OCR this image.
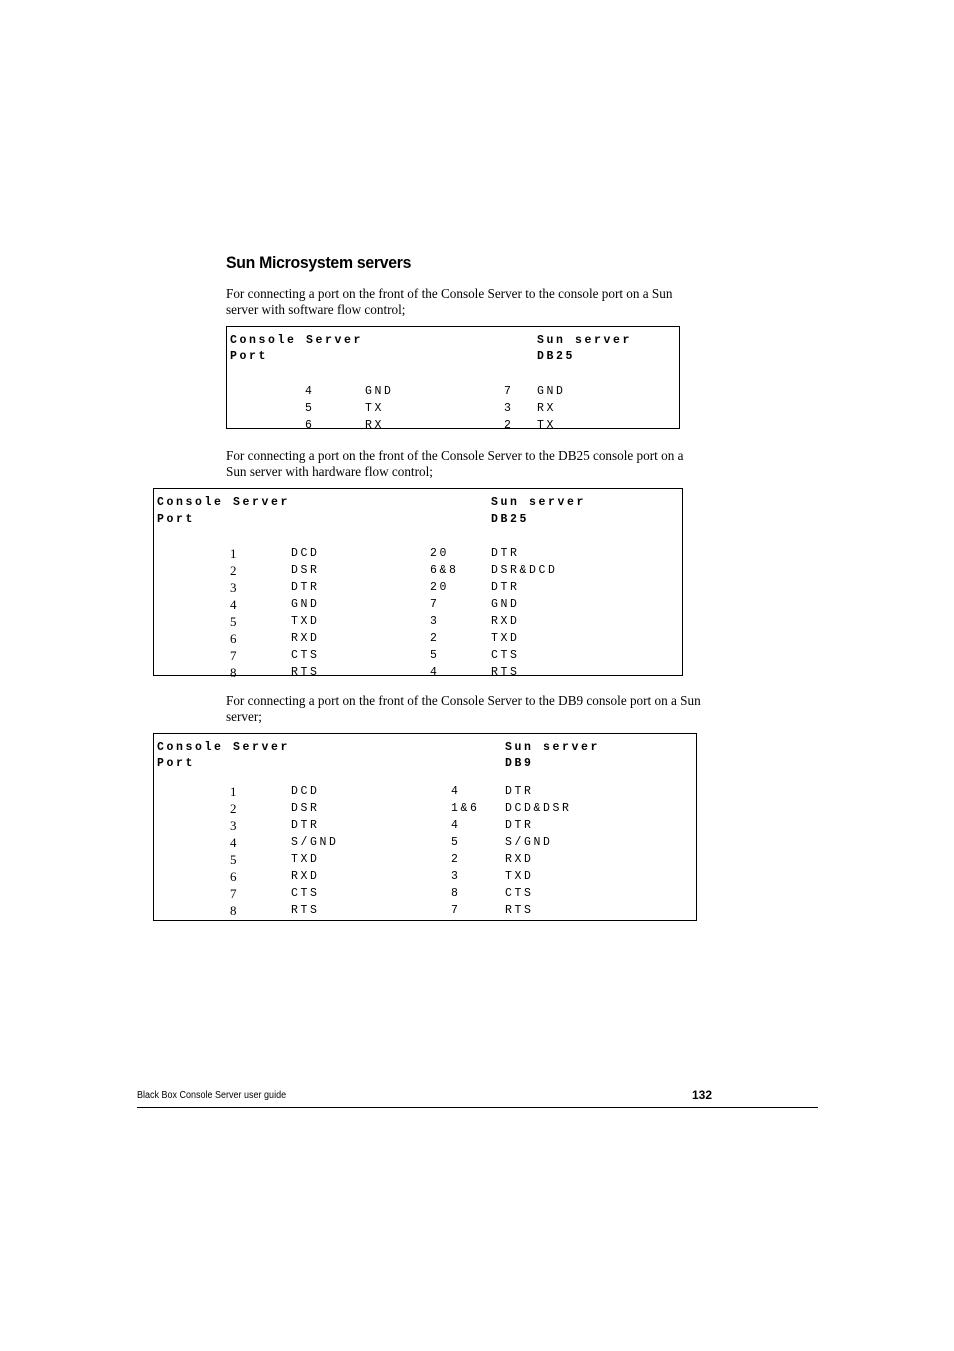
Sun Microsystem servers
For connecting a port on the front of the Console Server to the console port on a Sun server with software flow control;
Console Server
Port
Sun server
DB25
4	GND	7 GND
5	TX	3 RX
6	RX	2 TX
For connecting a port on the front of the Console Server to the DB25 console port on a Sun server with hardware flow control;
Console Server
Port
Sun server
DB25
1	DCD	20	DTR
2	DSR	6&8	DSR&DCD
3	DTR	20	DTR
4	GND	7	GND
5	TXD	3	RXD
6	RXD	2	TXD
7	CTS	5	CTS
8	RTS	4	RTS
For connecting a port on the front of the Console Server to the DB9 console port on a Sun server;
Console Server
Port
Sun server
DB9
1	DCD	4	DTR
2	DSR	1&6 DCD&DSR
3	DTR	4	DTR
4	S/GND	5	S/GND
5	TXD	2	RXD
6	RXD	3	TXD
7	CTS	8	CTS
8	RTS	7	RTS
Black Box Console Server user guide	132
